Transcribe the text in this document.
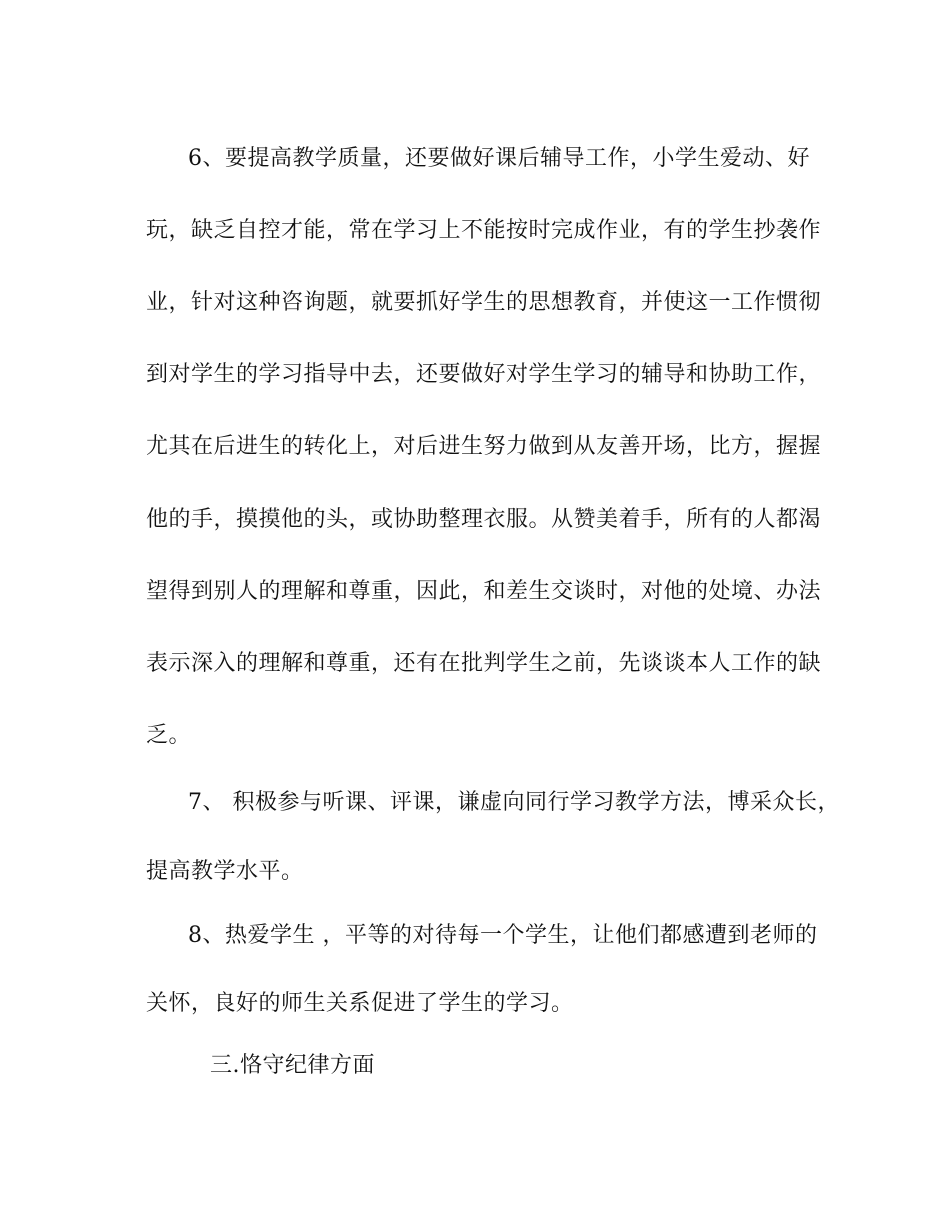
6、要提高教学质量，还要做好课后辅导工作，小学生爱动、好
玩，缺乏自控才能，常在学习上不能按时完成作业，有的学生抄袭作
业，针对这种咨询题，就要抓好学生的思想教育，并使这一工作惯彻
到对学生的学习指导中去，还要做好对学生学习的辅导和协助工作，
尤其在后进生的转化上，对后进生努力做到从友善开场，比方，握握
他的手，摸摸他的头，或协助整理衣服。从赞美着手，所有的人都渴
望得到别人的理解和尊重，因此，和差生交谈时，对他的处境、办法
表示深入的理解和尊重，还有在批判学生之前，先谈谈本人工作的缺
乏。
7、 积极参与听课、评课，谦虚向同行学习教学方法，博采众长，
提高教学水平。
8、热爱学生 ，平等的对待每一个学生，让他们都感遭到老师的
关怀，良好的师生关系促进了学生的学习。
三.恪守纪律方面
